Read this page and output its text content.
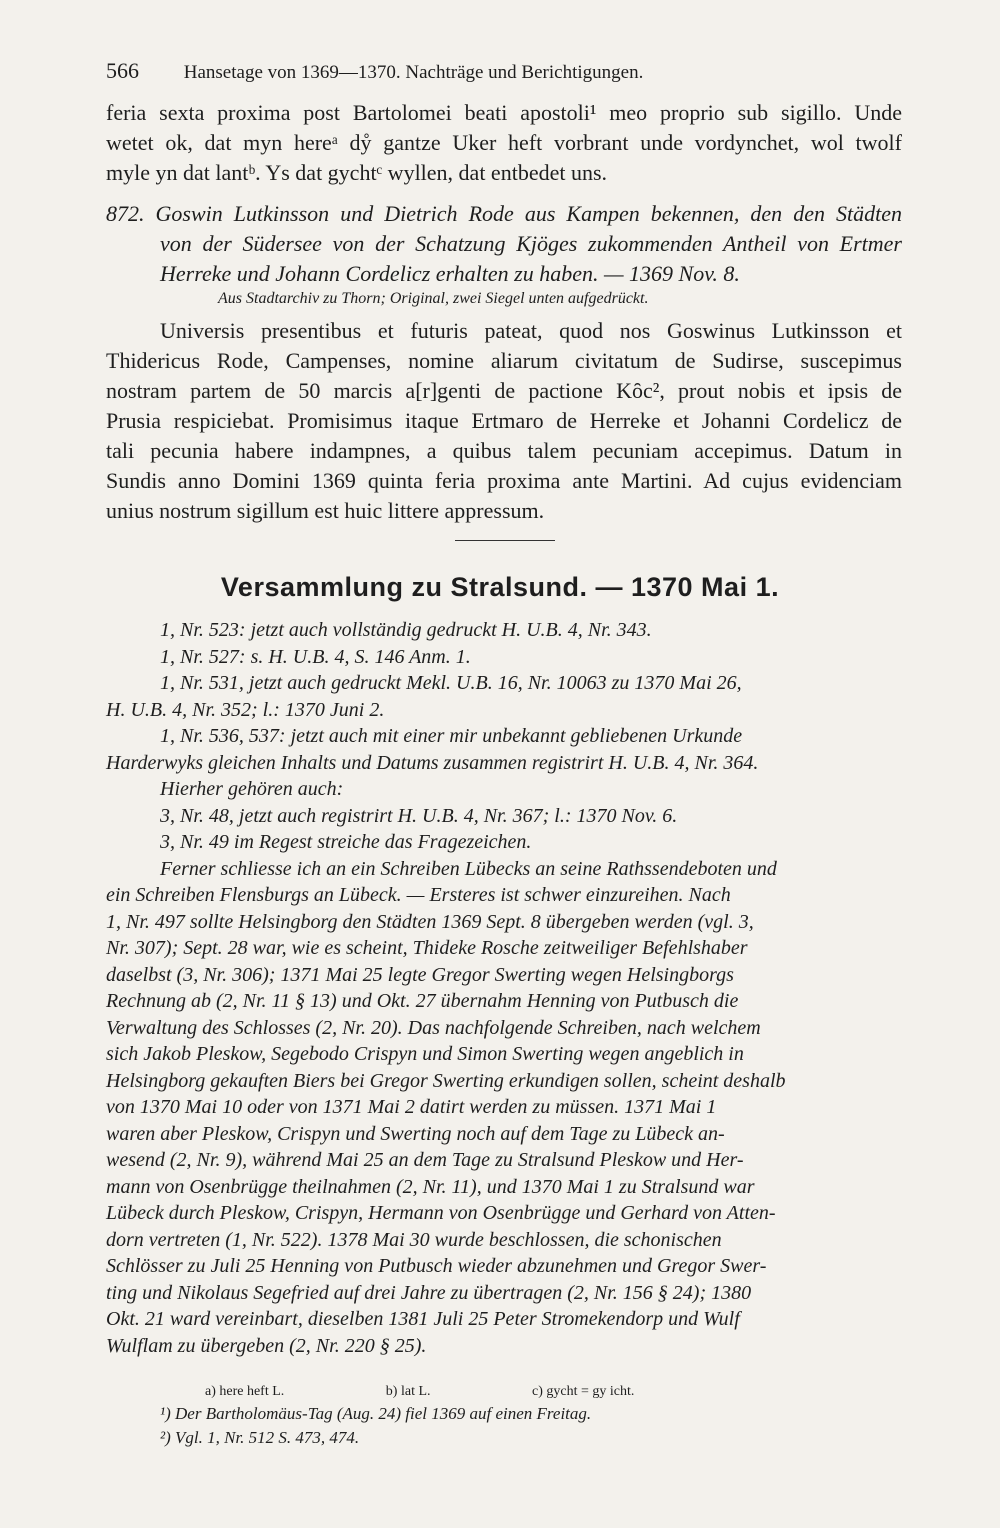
566 Hansetage von 1369—1370. Nachträge und Berichtigungen.
feria sexta proxima post Bartolomei beati apostoli¹ meo proprio sub sigillo. Unde
wetet ok, dat myn hereᵃ dẙ gantze Uker heft vorbrant unde vordynchet, wol twolf
myle yn dat lantᵇ. Ys dat gychtᶜ wyllen, dat entbedet uns.
872. Goswin Lutkinsson und Dietrich Rode aus Kampen bekennen, den den Städten
von der Südersee von der Schatzung Kjöges zukommenden Antheil von Ertmer
Herreke und Johann Cordelicz erhalten zu haben. — 1369 Nov. 8.
Aus Stadtarchiv zu Thorn; Original, zwei Siegel unten aufgedrückt.
Universis presentibus et futuris pateat, quod nos Goswinus Lutkinsson et
Thidericus Rode, Campenses, nomine aliarum civitatum de Sudirse, suscepimus
nostram partem de 50 marcis a[r]genti de pactione Kȏc², prout nobis et ipsis de
Prusia respiciebat. Promisimus itaque Ertmaro de Herreke et Johanni Cordelicz de
tali pecunia habere indampnes, a quibus talem pecuniam accepimus. Datum in
Sundis anno Domini 1369 quinta feria proxima ante Martini. Ad cujus evidenciam
unius nostrum sigillum est huic littere appressum.
Versammlung zu Stralsund. — 1370 Mai 1.
1, Nr. 523: jetzt auch vollständig gedruckt H. U.B. 4, Nr. 343.
1, Nr. 527: s. H. U.B. 4, S. 146 Anm. 1.
1, Nr. 531, jetzt auch gedruckt Mekl. U.B. 16, Nr. 10063 zu 1370 Mai 26,
H. U.B. 4, Nr. 352; l.: 1370 Juni 2.
1, Nr. 536, 537: jetzt auch mit einer mir unbekannt gebliebenen Urkunde
Harderwyks gleichen Inhalts und Datums zusammen registrirt H. U.B. 4, Nr. 364.
Hierher gehören auch:
3, Nr. 48, jetzt auch registrirt H. U.B. 4, Nr. 367; l.: 1370 Nov. 6.
3, Nr. 49 im Regest streiche das Fragezeichen.
Ferner schliesse ich an ein Schreiben Lübecks an seine Rathssendeboten und
ein Schreiben Flensburgs an Lübeck. — Ersteres ist schwer einzureihen. Nach
1, Nr. 497 sollte Helsingborg den Städten 1369 Sept. 8 übergeben werden (vgl. 3,
Nr. 307); Sept. 28 war, wie es scheint, Thideke Rosche zeitweiliger Befehlshaber
daselbst (3, Nr. 306); 1371 Mai 25 legte Gregor Swerting wegen Helsingborgs
Rechnung ab (2, Nr. 11 § 13) und Okt. 27 übernahm Henning von Putbusch die
Verwaltung des Schlosses (2, Nr. 20). Das nachfolgende Schreiben, nach welchem
sich Jakob Pleskow, Segebodo Crispyn und Simon Swerting wegen angeblich in
Helsingborg gekauften Biers bei Gregor Swerting erkundigen sollen, scheint deshalb
von 1370 Mai 10 oder von 1371 Mai 2 datirt werden zu müssen. 1371 Mai 1
waren aber Pleskow, Crispyn und Swerting noch auf dem Tage zu Lübeck an-
wesend (2, Nr. 9), während Mai 25 an dem Tage zu Stralsund Pleskow und Her-
mann von Osenbrügge theilnahmen (2, Nr. 11), und 1370 Mai 1 zu Stralsund war
Lübeck durch Pleskow, Crispyn, Hermann von Osenbrügge und Gerhard von Atten-
dorn vertreten (1, Nr. 522). 1378 Mai 30 wurde beschlossen, die schonischen
Schlösser zu Juli 25 Henning von Putbusch wieder abzunehmen und Gregor Swer-
ting und Nikolaus Segefried auf drei Jahre zu übertragen (2, Nr. 156 § 24); 1380
Okt. 21 ward vereinbart, dieselben 1381 Juli 25 Peter Stromekendorp und Wulf
Wulflam zu übergeben (2, Nr. 220 § 25).
a) here heft L.	b) lat L.	c) gycht = gy icht.
¹) Der Bartholomäus-Tag (Aug. 24) fiel 1369 auf einen Freitag.
²) Vgl. 1, Nr. 512 S. 473, 474.
